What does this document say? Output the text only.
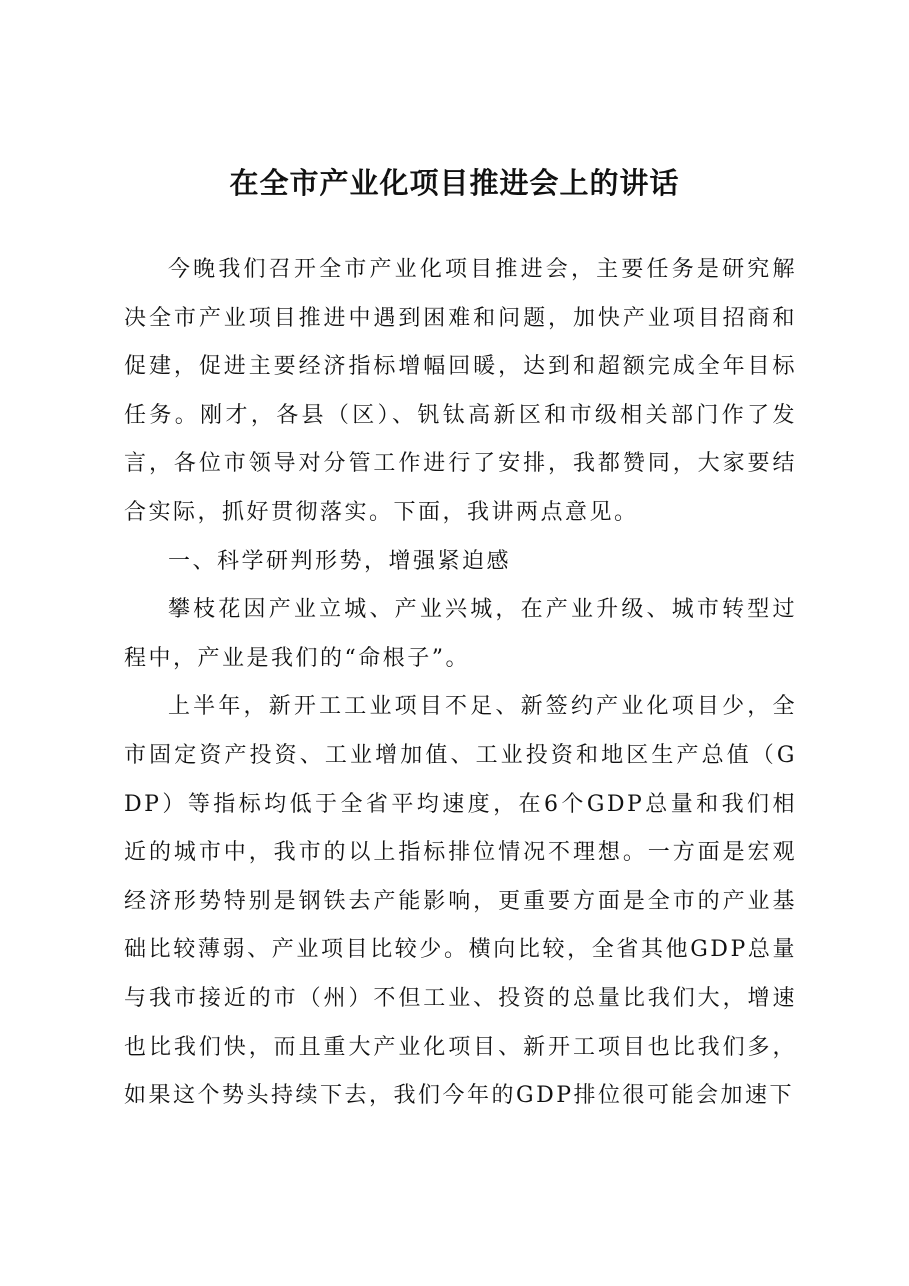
在全市产业化项目推进会上的讲话

今晚我们召开全市产业化项目推进会，主要任务是研究解决全市产业项目推进中遇到困难和问题，加快产业项目招商和促建，促进主要经济指标增幅回暖，达到和超额完成全年目标任务。刚才，各县（区）、钒钛高新区和市级相关部门作了发言，各位市领导对分管工作进行了安排，我都赞同，大家要结合实际，抓好贯彻落实。下面，我讲两点意见。

一、科学研判形势，增强紧迫感

攀枝花因产业立城、产业兴城，在产业升级、城市转型过程中，产业是我们的“命根子”。

上半年，新开工工业项目不足、新签约产业化项目少，全市固定资产投资、工业增加值、工业投资和地区生产总值（GDP）等指标均低于全省平均速度，在6个GDP总量和我们相近的城市中，我市的以上指标排位情况不理想。一方面是宏观经济形势特别是钢铁去产能影响，更重要方面是全市的产业基础比较薄弱、产业项目比较少。横向比较，全省其他GDP总量与我市接近的市（州）不但工业、投资的总量比我们大，增速也比我们快，而且重大产业化项目、新开工项目也比我们多，如果这个势头持续下去，我们今年的GDP排位很可能会加速下
